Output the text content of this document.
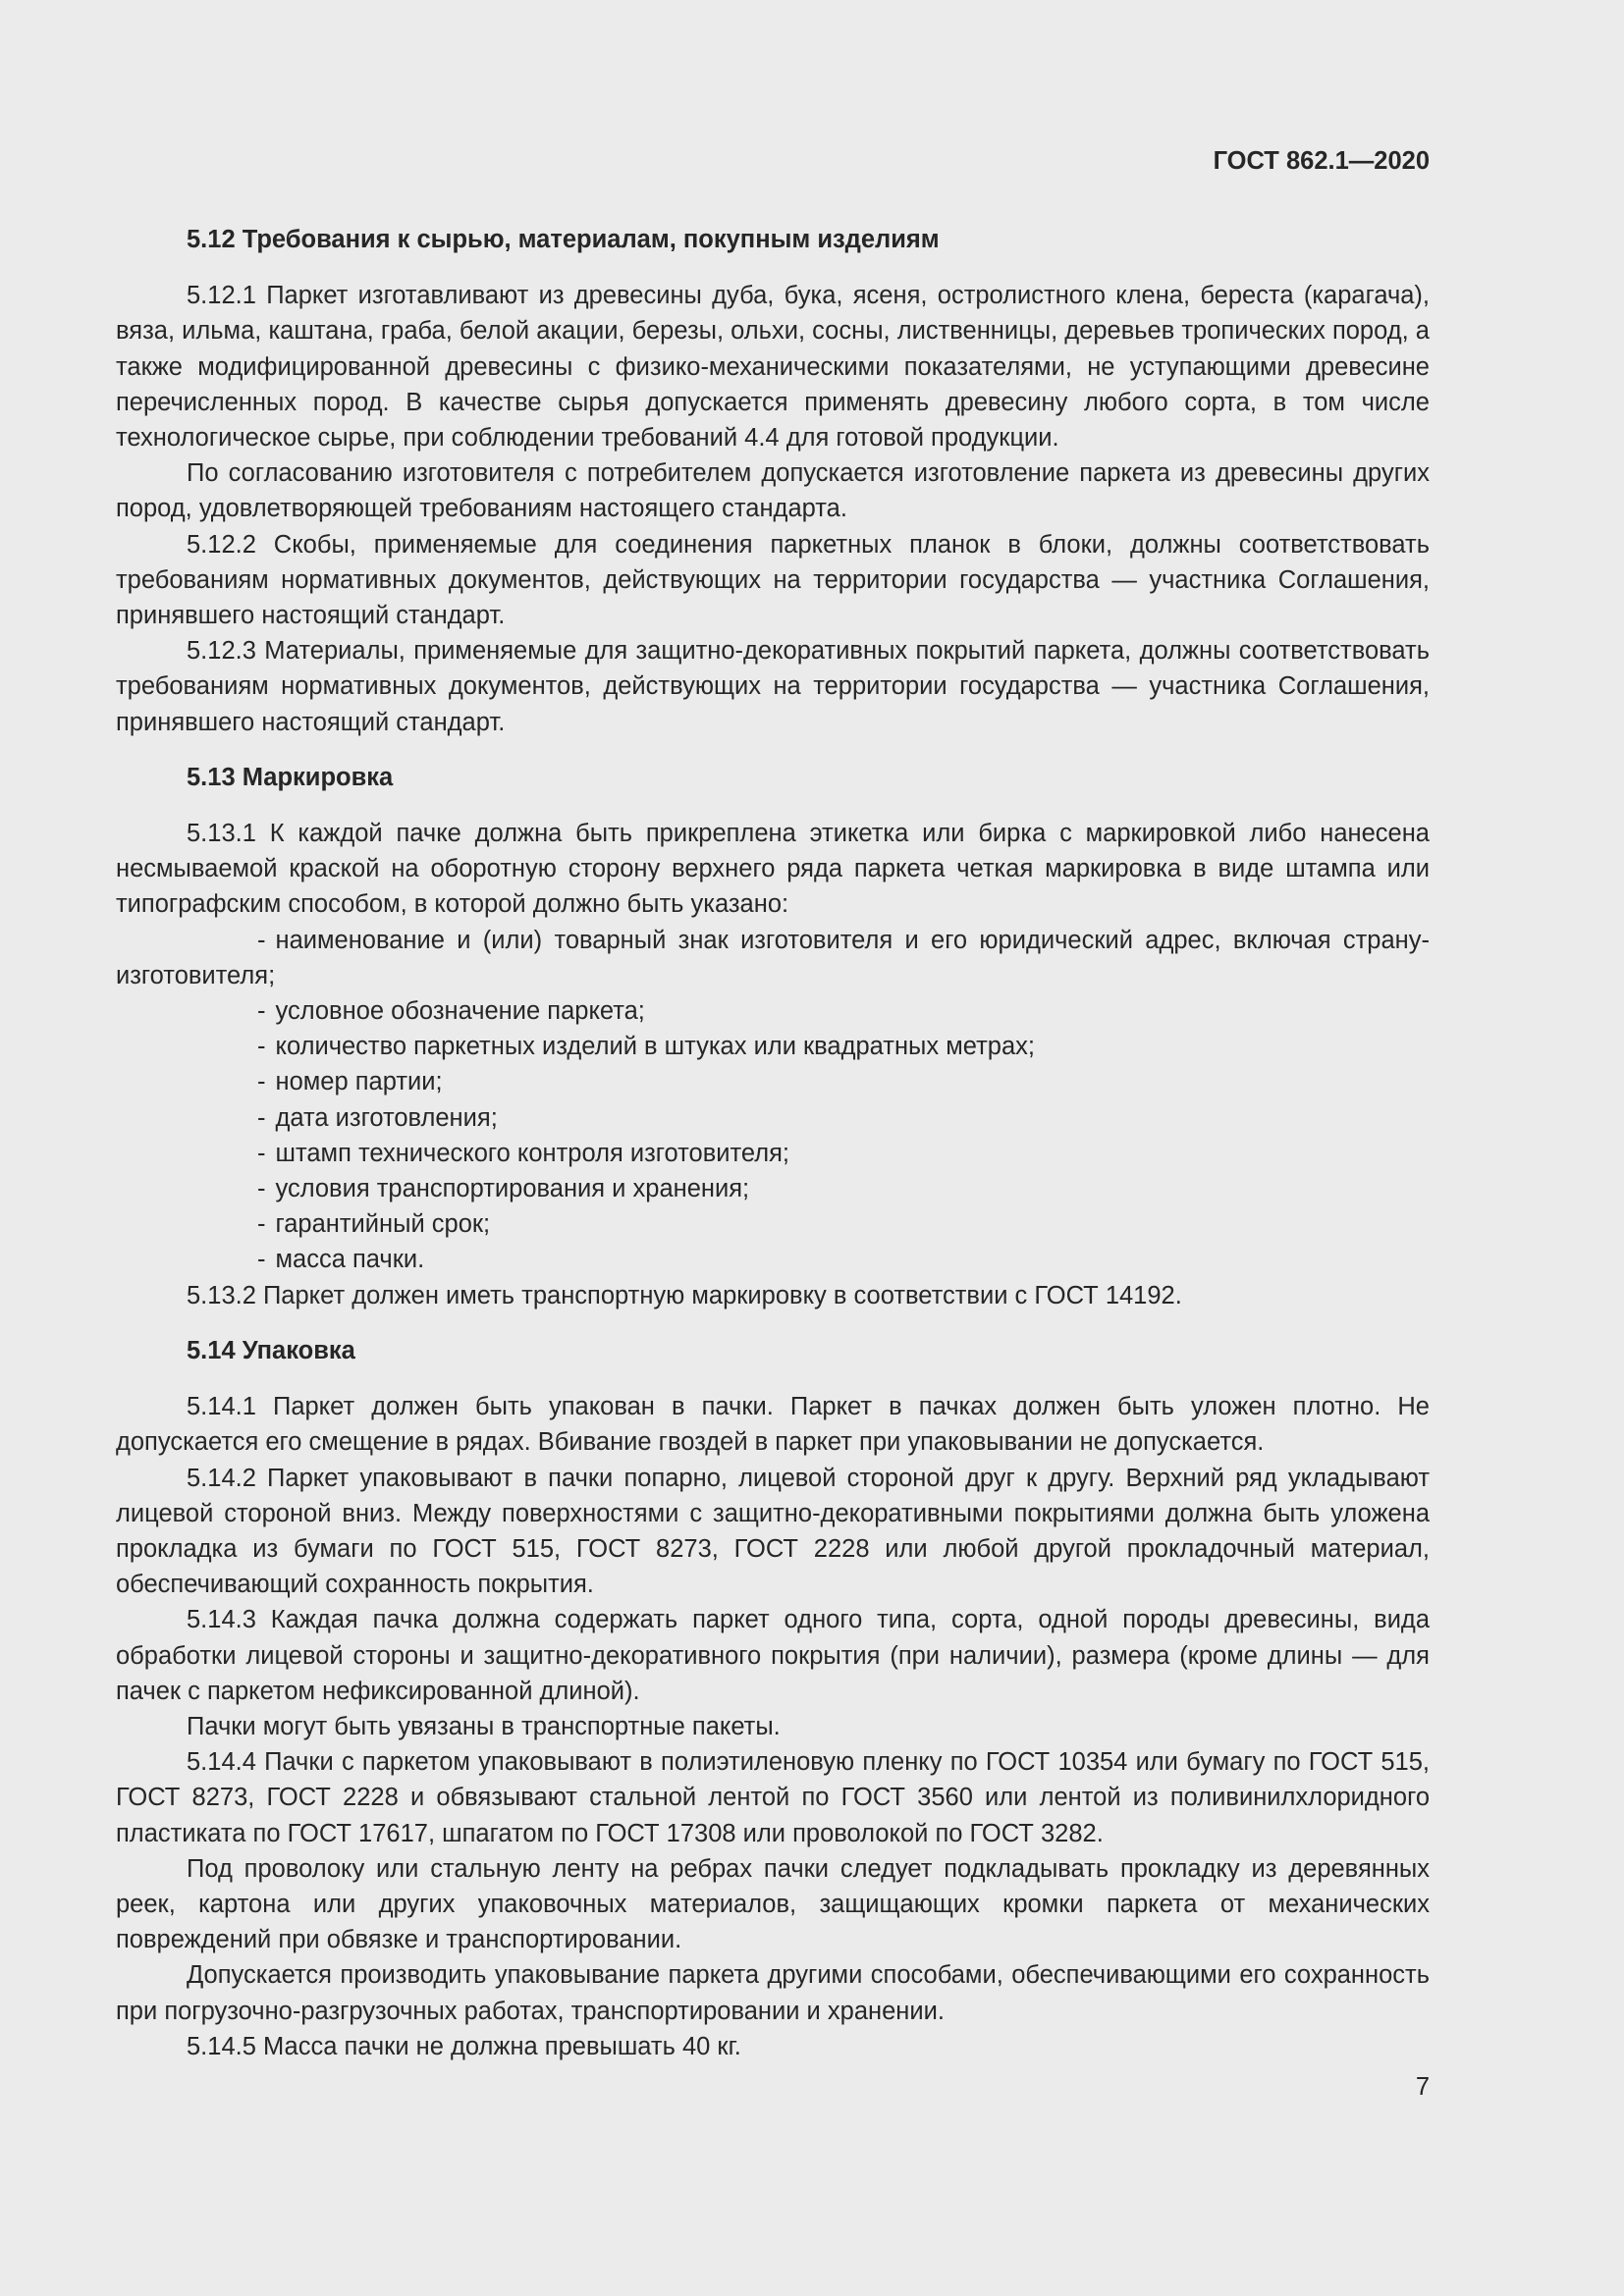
ГОСТ 862.1—2020
5.12 Требования к сырью, материалам, покупным изделиям

5.12.1 Паркет изготавливают из древесины дуба, бука, ясеня, остролистного клена, береста (карагача), вяза, ильма, каштана, граба, белой акации, березы, ольхи, сосны, лиственницы, деревьев тропических пород, а также модифицированной древесины с физико-механическими показателями, не уступающими древесине перечисленных пород. В качестве сырья допускается применять древесину любого сорта, в том числе технологическое сырье, при соблюдении требований 4.4 для готовой продукции.

По согласованию изготовителя с потребителем допускается изготовление паркета из древесины других пород, удовлетворяющей требованиям настоящего стандарта.

5.12.2 Скобы, применяемые для соединения паркетных планок в блоки, должны соответствовать требованиям нормативных документов, действующих на территории государства — участника Соглашения, принявшего настоящий стандарт.

5.12.3 Материалы, применяемые для защитно-декоративных покрытий паркета, должны соответствовать требованиям нормативных документов, действующих на территории государства — участника Соглашения, принявшего настоящий стандарт.

5.13 Маркировка

5.13.1 К каждой пачке должна быть прикреплена этикетка или бирка с маркировкой либо нанесена несмываемой краской на оборотную сторону верхнего ряда паркета четкая маркировка в виде штампа или типографским способом, в которой должно быть указано:

- наименование и (или) товарный знак изготовителя и его юридический адрес, включая страну-изготовителя;
- условное обозначение паркета;
- количество паркетных изделий в штуках или квадратных метрах;
- номер партии;
- дата изготовления;
- штамп технического контроля изготовителя;
- условия транспортирования и хранения;
- гарантийный срок;
- масса пачки.

5.13.2 Паркет должен иметь транспортную маркировку в соответствии с ГОСТ 14192.

5.14 Упаковка

5.14.1 Паркет должен быть упакован в пачки. Паркет в пачках должен быть уложен плотно. Не допускается его смещение в рядах. Вбивание гвоздей в паркет при упаковывании не допускается.

5.14.2 Паркет упаковывают в пачки попарно, лицевой стороной друг к другу. Верхний ряд укладывают лицевой стороной вниз. Между поверхностями с защитно-декоративными покрытиями должна быть уложена прокладка из бумаги по ГОСТ 515, ГОСТ 8273, ГОСТ 2228 или любой другой прокладочный материал, обеспечивающий сохранность покрытия.

5.14.3 Каждая пачка должна содержать паркет одного типа, сорта, одной породы древесины, вида обработки лицевой стороны и защитно-декоративного покрытия (при наличии), размера (кроме длины — для пачек с паркетом нефиксированной длиной).

Пачки могут быть увязаны в транспортные пакеты.

5.14.4 Пачки с паркетом упаковывают в полиэтиленовую пленку по ГОСТ 10354 или бумагу по ГОСТ 515, ГОСТ 8273, ГОСТ 2228 и обвязывают стальной лентой по ГОСТ 3560 или лентой из поливинилхлоридного пластиката по ГОСТ 17617, шпагатом по ГОСТ 17308 или проволокой по ГОСТ 3282.

Под проволоку или стальную ленту на ребрах пачки следует подкладывать прокладку из деревянных реек, картона или других упаковочных материалов, защищающих кромки паркета от механических повреждений при обвязке и транспортировании.

Допускается производить упаковывание паркета другими способами, обеспечивающими его сохранность при погрузочно-разгрузочных работах, транспортировании и хранении.

5.14.5 Масса пачки не должна превышать 40 кг.

7
